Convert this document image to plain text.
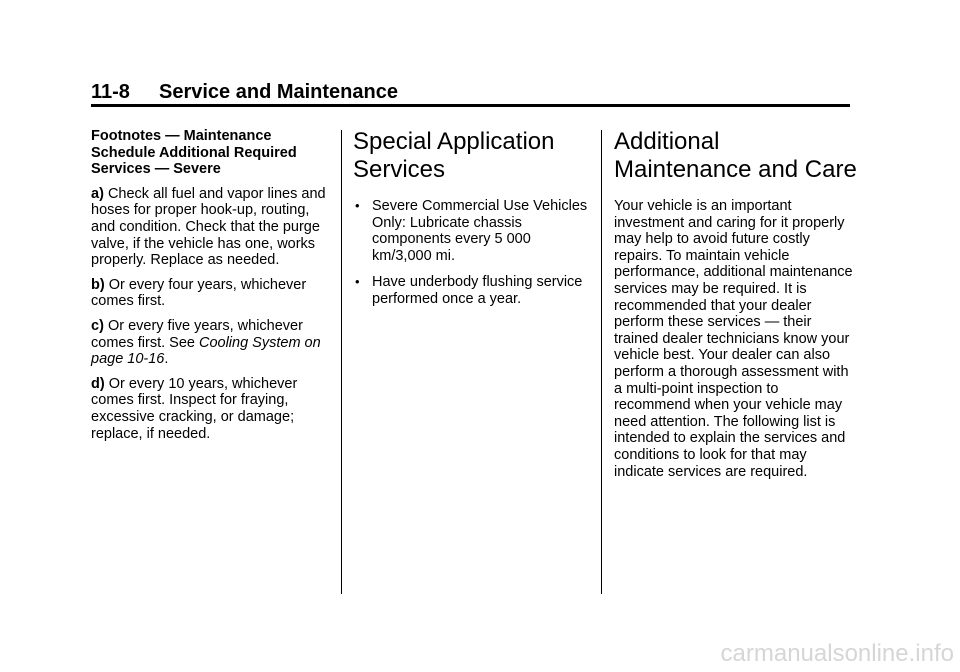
11-8 Service and Maintenance

Footnotes — Maintenance Schedule Additional Required Services — Severe

a) Check all fuel and vapor lines and hoses for proper hook-up, routing, and condition. Check that the purge valve, if the vehicle has one, works properly. Replace as needed.

b) Or every four years, whichever comes first.

c) Or every five years, whichever comes first. See Cooling System on page 10-16.

d) Or every 10 years, whichever comes first. Inspect for fraying, excessive cracking, or damage; replace, if needed.

Special Application
Services
• Severe Commercial Use Vehicles Only: Lubricate chassis components every 5 000 km/3,000 mi.
• Have underbody flushing service performed once a year.
Additional
Maintenance and Care

Your vehicle is an important investment and caring for it properly may help to avoid future costly repairs. To maintain vehicle performance, additional maintenance services may be required. It is recommended that your dealer perform these services — their trained dealer technicians know your vehicle best. Your dealer can also perform a thorough assessment with a multi-point inspection to recommend when your vehicle may need attention. The following list is intended to explain the services and conditions to look for that may indicate services are required.

carmanualsonline.info
